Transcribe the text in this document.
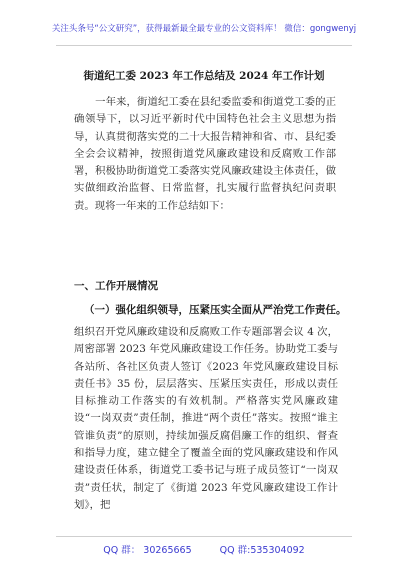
关注头条号“公文研究”，获得最新最全最专业的公文资料库！ 微信：gongwenyj
街道纪工委 2023 年工作总结及 2024 年工作计划

一年来，街道纪工委在县纪委监委和街道党工委的正确领导下，以习近平新时代中国特色社会主义思想为指导，认真贯彻落实党的二十大报告精神和省、市、县纪委全会会议精神，按照街道党风廉政建设和反腐败工作部署，积极协助街道党工委落实党风廉政建设主体责任，做实做细政治监督、日常监督，扎实履行监督执纪问责职责。现将一年来的工作总结如下：

一、工作开展情况
（一）强化组织领导，压紧压实全面从严治党工作责任。

组织召开党风廉政建设和反腐败工作专题部署会议 4 次，周密部署 2023 年党风廉政建设工作任务。协助党工委与各站所、各社区负责人签订《2023 年党风廉政建设目标责任书》35 份，层层落实、压紧压实责任，形成以责任目标推动工作落实的有效机制。严格落实党风廉政建设“一岗双责”责任制，推进“两个责任”落实。按照“谁主管谁负责”的原则，持续加强反腐倡廉工作的组织、督查和指导力度，建立健全了覆盖全面的党风廉政建设和作风建设责任体系，街道党工委书记与班子成员签订“一岗双责”责任状，制定了《街道 2023 年党风廉政建设工作计划》，把

QQ 群： 30265665	QQ 群:535304092
